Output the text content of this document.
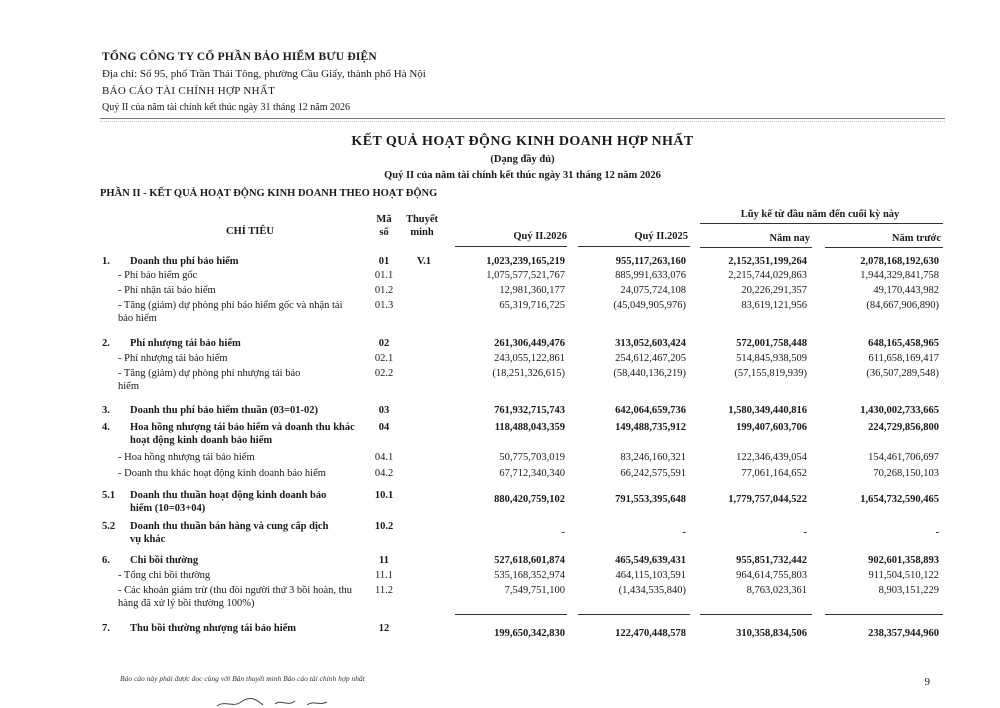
TỔNG CÔNG TY CỔ PHẦN BẢO HIỂM BƯU ĐIỆN
Địa chỉ: Số 95, phố Trần Thái Tông, phường Cầu Giấy, thành phố Hà Nội
BÁO CÁO TÀI CHÍNH HỢP NHẤT
Quý II của năm tài chính kết thúc ngày 31 tháng 12 năm 2026
KẾT QUẢ HOẠT ĐỘNG KINH DOANH HỢP NHẤT
(Dạng đầy đủ)
Quý II của năm tài chính kết thúc ngày 31 tháng 12 năm 2026
PHẦN II - KẾT QUẢ HOẠT ĐỘNG KINH DOANH THEO HOẠT ĐỘNG
CHỈ TIÊU
Mã
số
Thuyết
minh	Quý II.2026	Quý II.2025
Lũy kế từ đầu năm đến cuối kỳ này
Năm nay	Năm trước
1. Doanh thu phí bảo hiểm	01	V.1	1,023,239,165,219	955,117,263,160	2,152,351,199,264	2,078,168,192,630
- Phí bảo hiểm gốc	01.1	1,075,577,521,767	885,991,633,076	2,215,744,029,863	1,944,329,841,758
- Phí nhận tái bảo hiểm	01.2	12,981,360,177	24,075,724,108	20,226,291,357	49,170,443,982
- Tăng (giảm) dự phòng phí bảo hiểm gốc và nhận tái bảo hiểm
01.3	65,319,716,725	(45,049,905,976)	83,619,121,956	(84,667,906,890)
2. Phí nhượng tái bảo hiểm	02	261,306,449,476	313,052,603,424	572,001,758,448	648,165,458,965
- Phí nhượng tái bảo hiểm	02.1	243,055,122,861	254,612,467,205	514,845,938,509	611,658,169,417
- Tăng (giảm) dự phòng phí nhượng tái bảo hiểm
02.2	(18,251,326,615)	(58,440,136,219)	(57,155,819,939)	(36,507,289,548)
3. Doanh thu phí bảo hiểm thuần (03=01-02)	03	761,932,715,743	642,064,659,736	1,580,349,440,816	1,430,002,733,665
4. Hoa hồng nhượng tái bảo hiểm và doanh thu khác hoạt động kinh doanh bảo hiểm
04	118,488,043,359	149,488,735,912	199,407,603,706	224,729,856,800
- Hoa hồng nhượng tái bảo hiểm	04.1	50,775,703,019	83,246,160,321	122,346,439,054	154,461,706,697
- Doanh thu khác hoạt động kinh doanh bảo hiểm	04.2	67,712,340,340	66,242,575,591	77,061,164,652	70,268,150,103
5.1 Doanh thu thuần hoạt động kinh doanh bảo hiểm (10=03+04)
10.1	880,420,759,102	791,553,395,648	1,779,757,044,522	1,654,732,590,465
5.2 Doanh thu thuần bán hàng và cung cấp dịch vụ khác
10.2
-	-	-	-
6. Chi bồi thường	11	527,618,601,874	465,549,639,431	955,851,732,442	902,601,358,893
- Tổng chi bồi thường	11.1	535,168,352,974	464,115,103,591	964,614,755,803	911,504,510,122
- Các khoản giảm trừ (thu đòi người thứ 3 bồi hoàn, thu hàng đã xử lý bồi thường 100%)
11.2	7,549,751,100	(1,434,535,840)	8,763,023,361	8,903,151,229
7. Thu bồi thường nhượng tái bảo hiểm	12	199,650,342,830	122,470,448,578	310,358,834,506	238,357,944,960
Báo cáo này phải được đọc cùng với Bản thuyết minh Báo cáo tài chính hợp nhất	9
